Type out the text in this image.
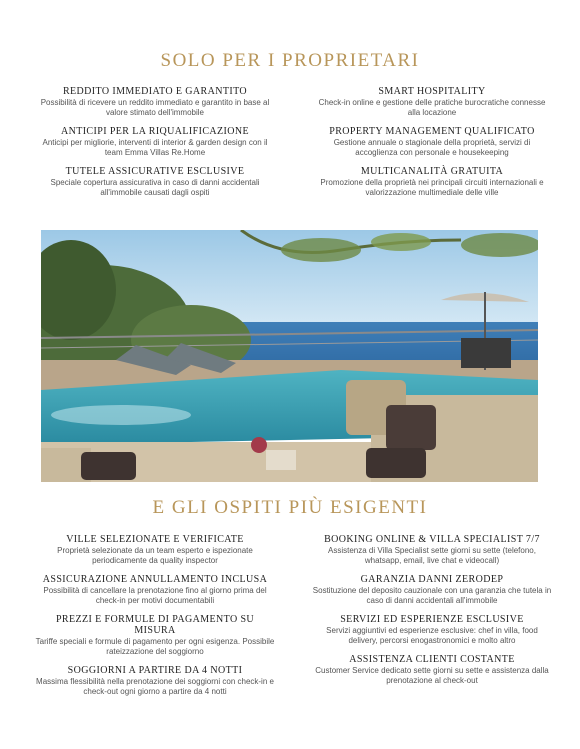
SOLO PER I PROPRIETARI

REDDITO IMMEDIATO E GARANTITO

Possibilità di ricevere un reddito immediato e garantito in base al valore stimato dell'immobile

ANTICIPI PER LA RIQUALIFICAZIONE

Anticipi per migliorie, interventi di interior & garden design con il team Emma Villas Re.Home

TUTELE ASSICURATIVE ESCLUSIVE

Speciale copertura assicurativa in caso di danni accidentali all'immobile causati dagli ospiti

SMART HOSPITALITY

Check-in online e gestione delle pratiche burocratiche connesse alla locazione

PROPERTY MANAGEMENT QUALIFICATO

Gestione annuale o stagionale della proprietà, servizi di accoglienza con personale e housekeeping

MULTICANALITÀ GRATUITA

Promozione della proprietà nei principali circuiti internazionali e valorizzazione multimediale delle ville

E GLI OSPITI PIÙ ESIGENTI

VILLE SELEZIONATE E VERIFICATE

Proprietà selezionate da un team esperto e ispezionate periodicamente da quality inspector

ASSICURAZIONE ANNULLAMENTO INCLUSA

Possibilità di cancellare la prenotazione fino al giorno prima del check-in per motivi documentabili

PREZZI E FORMULE DI PAGAMENTO SU MISURA

Tariffe speciali e formule di pagamento per ogni esigenza. Possibile rateizzazione del soggiorno

SOGGIORNI A PARTIRE DA 4 NOTTI

Massima flessibilità nella prenotazione dei soggiorni con check-in e check-out ogni giorno a partire da 4 notti

BOOKING ONLINE & VILLA SPECIALIST 7/7

Assistenza di Villa Specialist sette giorni su sette (telefono, whatsapp, email, live chat e videocall)

GARANZIA DANNI ZERODEP

Sostituzione del deposito cauzionale con una garanzia che tutela in caso di danni accidentali all'immobile

SERVIZI ED ESPERIENZE ESCLUSIVE

Servizi aggiuntivi ed esperienze esclusive: chef in villa, food delivery, percorsi enogastronomici e molto altro

ASSISTENZA CLIENTI COSTANTE

Customer Service dedicato sette giorni su sette e assistenza dalla prenotazione al check-out
